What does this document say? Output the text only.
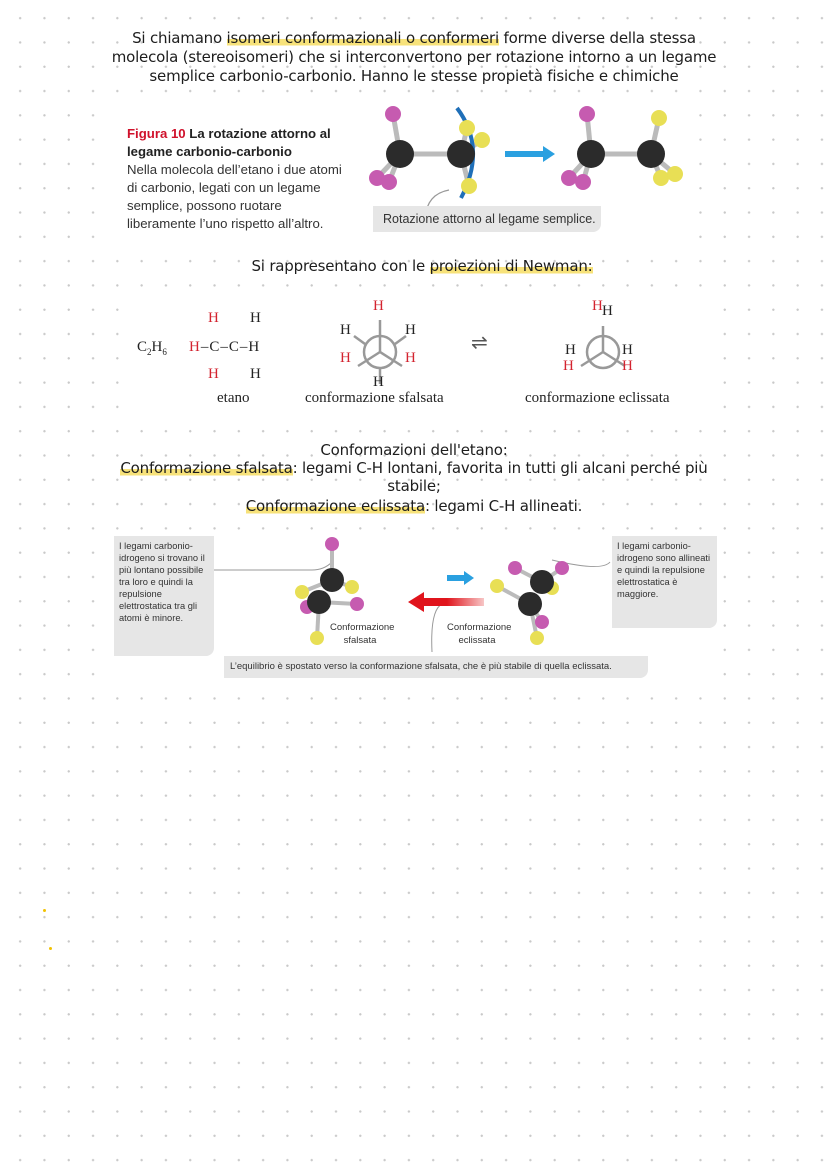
Si chiamano isomeri conformazionali o conformeri forme diverse della stessa
molecola (stereoisomeri) che si interconvertono per rotazione intorno a un legame
semplice carbonio-carbonio. Hanno le stesse propietà fisiche e chimiche
Rotazione attorno al legame semplice.
Figura 10 La rotazione attorno al legame carbonio-carbonio
Nella molecola dell’etano i due atomi di carbonio, legati con un legame semplice, possono ruotare liberamente l’uno rispetto all’altro.
Si rappresentano con le proiezioni di Newman:
$C_2H_6$ H–C–C–H
H H
H H
etano
H
H	H
H	H
H
conformazione sfalsata
⇌
H H
H
H
H
H
conformazione eclissata
Conformazioni dell'etano:
Conformazione sfalsata: legami C-H lontani, favorita in tutti gli alcani perché più
stabile;
Conformazione eclissata: legami C-H allineati.
I legami carbonio-idrogeno si trovano il più lontano possibile tra loro e quindi la repulsione elettrostatica tra gli atomi è minore.
I legami carbonio-idrogeno sono allineati e quindi la repulsione elettrostatica è maggiore.
Conformazione sfalsata
Conformazione eclissata
L’equilibrio è spostato verso la conformazione sfalsata, che è più stabile di quella eclissata.
